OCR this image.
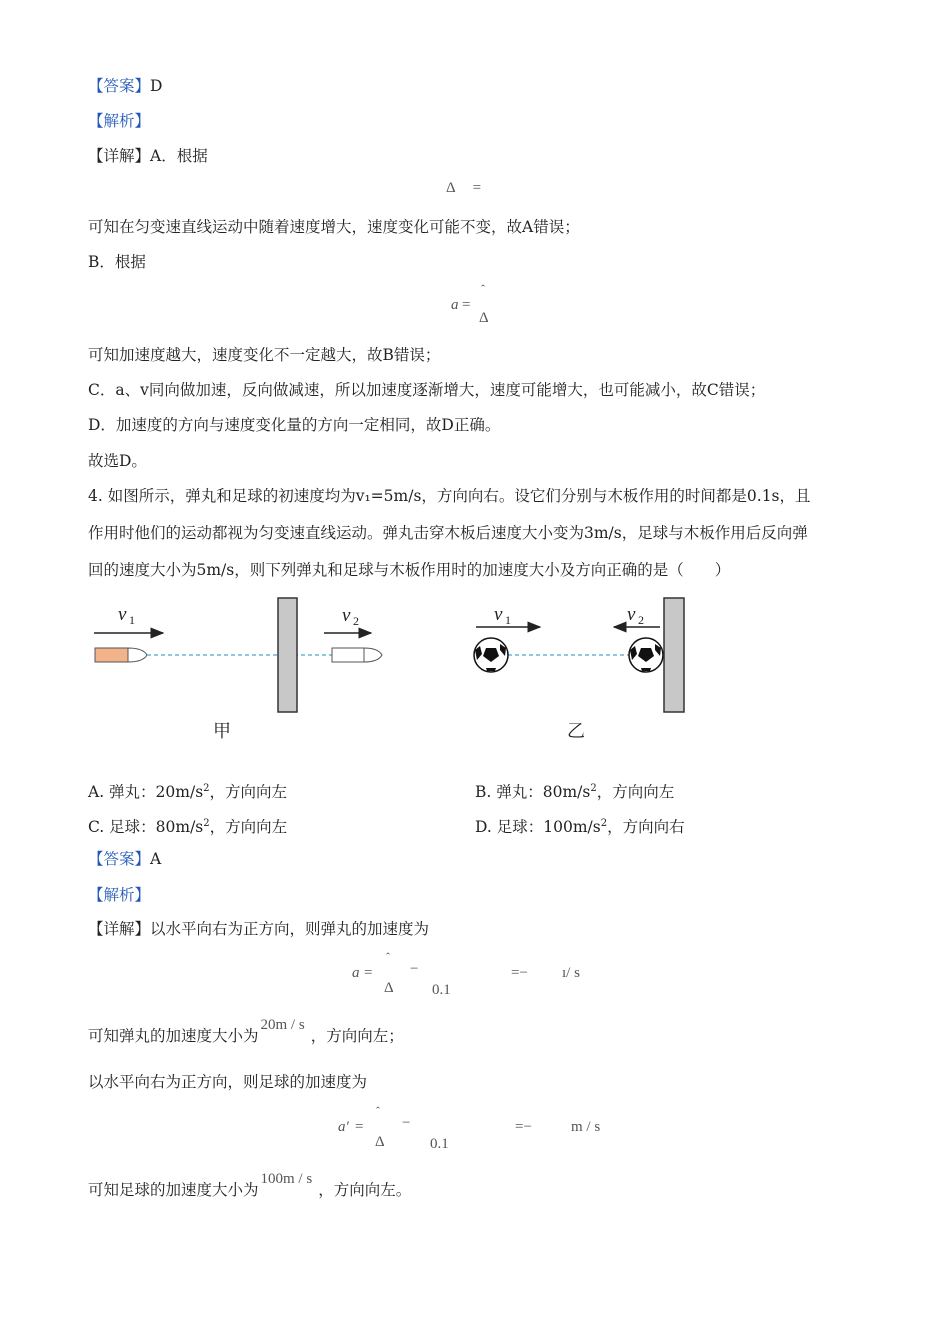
【答案】D
【解析】
【详解】A．根据
Δ =
可知在匀变速直线运动中随着速度增大，速度变化可能不变，故A错误；
B．根据
a =
ˆ
Δ
可知加速度越大，速度变化不一定越大，故B错误；
C．a、v同向做加速，反向做减速，所以加速度逐渐增大，速度可能增大，也可能减小，故C错误；
D．加速度的方向与速度变化量的方向一定相同，故D正确。
故选D。
4. 如图所示，弹丸和足球的初速度均为v₁=5m/s，方向向右。设它们分别与木板作用的时间都是0.1s，且
作用时他们的运动都视为匀变速直线运动。弹丸击穿木板后速度大小变为3m/s，足球与木板作用后反向弹
回的速度大小为5m/s，则下列弹丸和足球与木板作用时的加速度大小及方向正确的是（　　）
v 1	v 2
甲
v 1	v 2
乙
A. 弹丸：$20m/s^2$，方向向左	B. 弹丸：$80m/s^2$，方向向左
C. 足球：$80m/s^2$，方向向左	D. 足球：$100m/s^2$，方向向右
【答案】A
【解析】
【详解】以水平向右为正方向，则弹丸的加速度为
a =
ˆ
−
Δ	0.1
=− ı/ s
可知弹丸的加速度大小为20m / s，方向向左；
以水平向右为正方向，则足球的加速度为
a′ =
ˆ
−
Δ	0.1
=−	m / s
可知足球的加速度大小为100m / s，方向向左。
